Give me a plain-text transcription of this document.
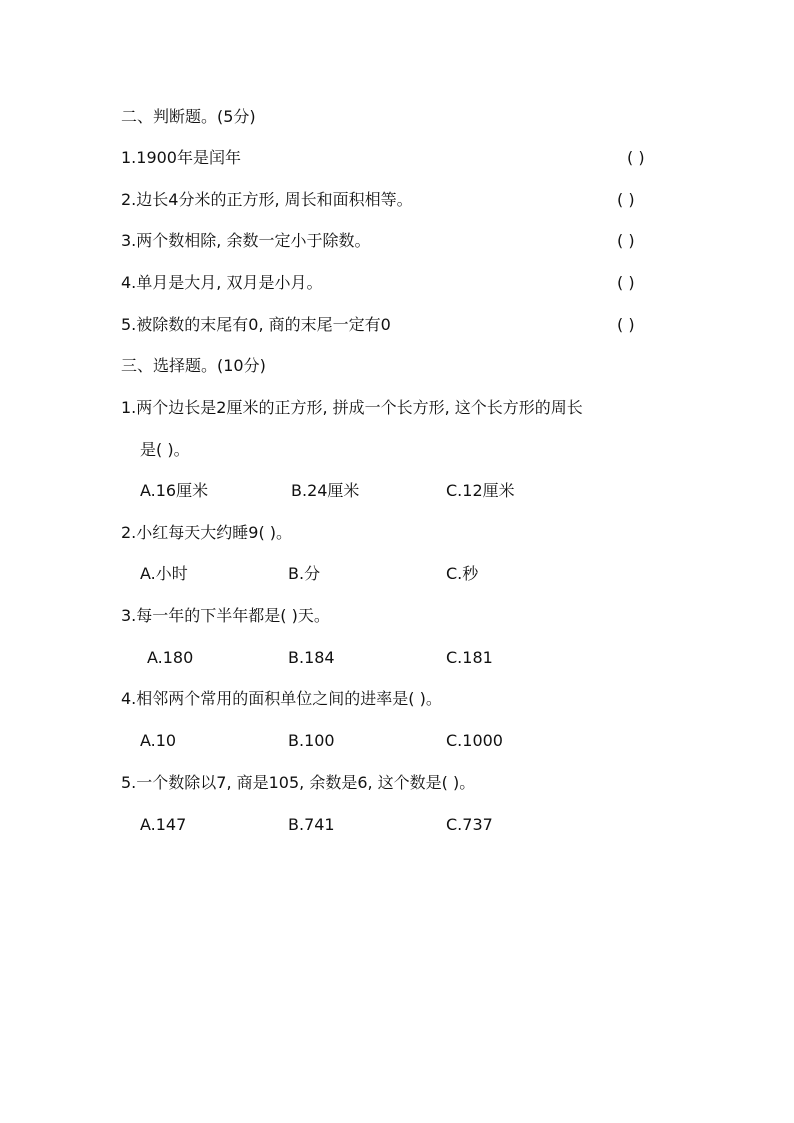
二、判断题。(5分)
1.1900年是闰年	( )
2.边长4分米的正方形, 周长和面积相等。	( )
3.两个数相除, 余数一定小于除数。	( )
4.单月是大月, 双月是小月。	( )
5.被除数的末尾有0, 商的末尾一定有0	( )
三、选择题。(10分)
1.两个边长是2厘米的正方形, 拼成一个长方形, 这个长方形的周长
是( )。
A.16厘米	B.24厘米	C.12厘米
2.小红每天大约睡9( )。
A.小时	B.分	C.秒
3.每一年的下半年都是( )天。
A.180	B.184	C.181
4.相邻两个常用的面积单位之间的进率是( )。
A.10	B.100	C.1000
5.一个数除以7, 商是105, 余数是6, 这个数是( )。
A.147	B.741	C.737
